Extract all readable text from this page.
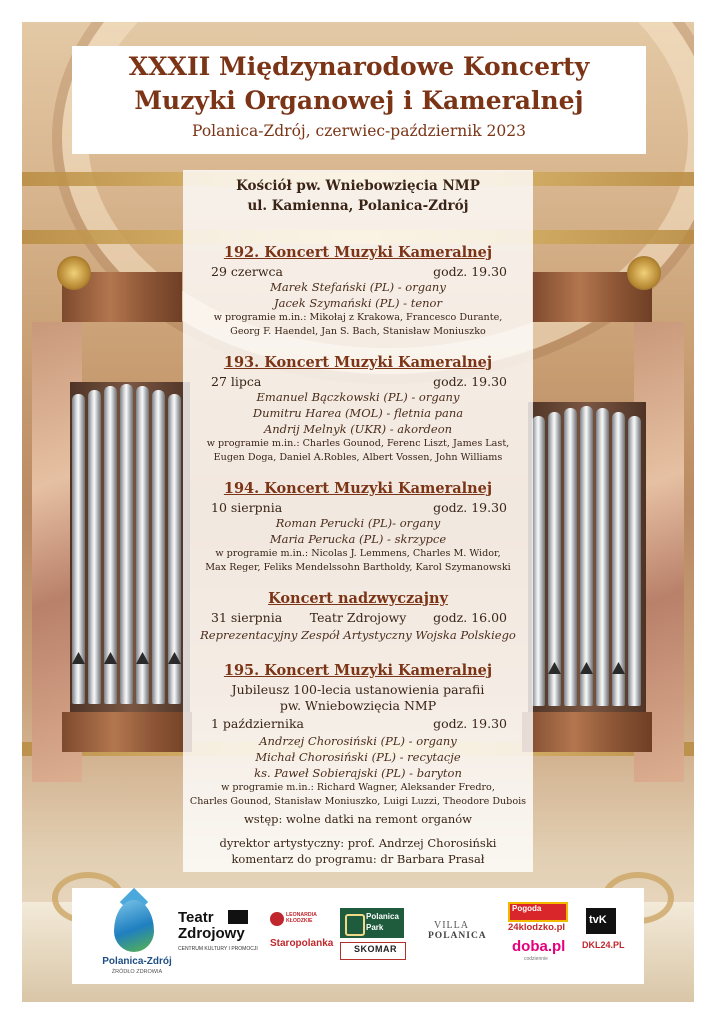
XXXII Międzynarodowe Koncerty
Muzyki Organowej i Kameralnej
Polanica-Zdrój, czerwiec-październik 2023
Kościół pw. Wniebowzięcia NMP
ul. Kamienna, Polanica-Zdrój
192. Koncert Muzyki Kameralnej
29 czerwca	godz. 19.30
Marek Stefański (PL) - organy
Jacek Szymański (PL) - tenor
w programie m.in.: Mikołaj z Krakowa, Francesco Durante,
Georg F. Haendel, Jan S. Bach, Stanisław Moniuszko
193. Koncert Muzyki Kameralnej
27 lipca	godz. 19.30
Emanuel Bączkowski (PL) - organy
Dumitru Harea (MOL) - fletnia pana
Andrij Melnyk (UKR) - akordeon
w programie m.in.: Charles Gounod, Ferenc Liszt, James Last,
Eugen Doga, Daniel A.Robles, Albert Vossen, John Williams
194. Koncert Muzyki Kameralnej
10 sierpnia	godz. 19.30
Roman Perucki (PL)- organy
Maria Perucka (PL) - skrzypce
w programie m.in.: Nicolas J. Lemmens, Charles M. Widor,
Max Reger, Feliks Mendelssohn Bartholdy, Karol Szymanowski
Koncert nadzwyczajny
31 sierpnia	Teatr Zdrojowy	godz. 16.00
Reprezentacyjny Zespół Artystyczny Wojska Polskiego
195. Koncert Muzyki Kameralnej
Jubileusz 100-lecia ustanowienia parafii
pw. Wniebowzięcia NMP
1 października	godz. 19.30
Andrzej Chorosiński (PL) - organy
Michał Chorosiński (PL) - recytacje
ks. Paweł Sobierajski (PL) - baryton
w programie m.in.: Richard Wagner, Aleksander Fredro,
Charles Gounod, Stanisław Moniuszko, Luigi Luzzi, Theodore Dubois
wstęp: wolne datki na remont organów
dyrektor artystyczny: prof. Andrzej Chorosiński
komentarz do programu: dr Barbara Prasał
Polanica-Zdrój
ŹRÓDŁO ZDROWIA
Teatr
Zdrojowy
CENTRUM KULTURY I PROMOCJI
LEONARDIA KŁODZKIE
Staropolanka
Polanica
Park
SKOMAR
VILLA
POLANICA
Pogoda
24klodzko.pl
doba.pl
codziennie
tvK
DKL24.PL
